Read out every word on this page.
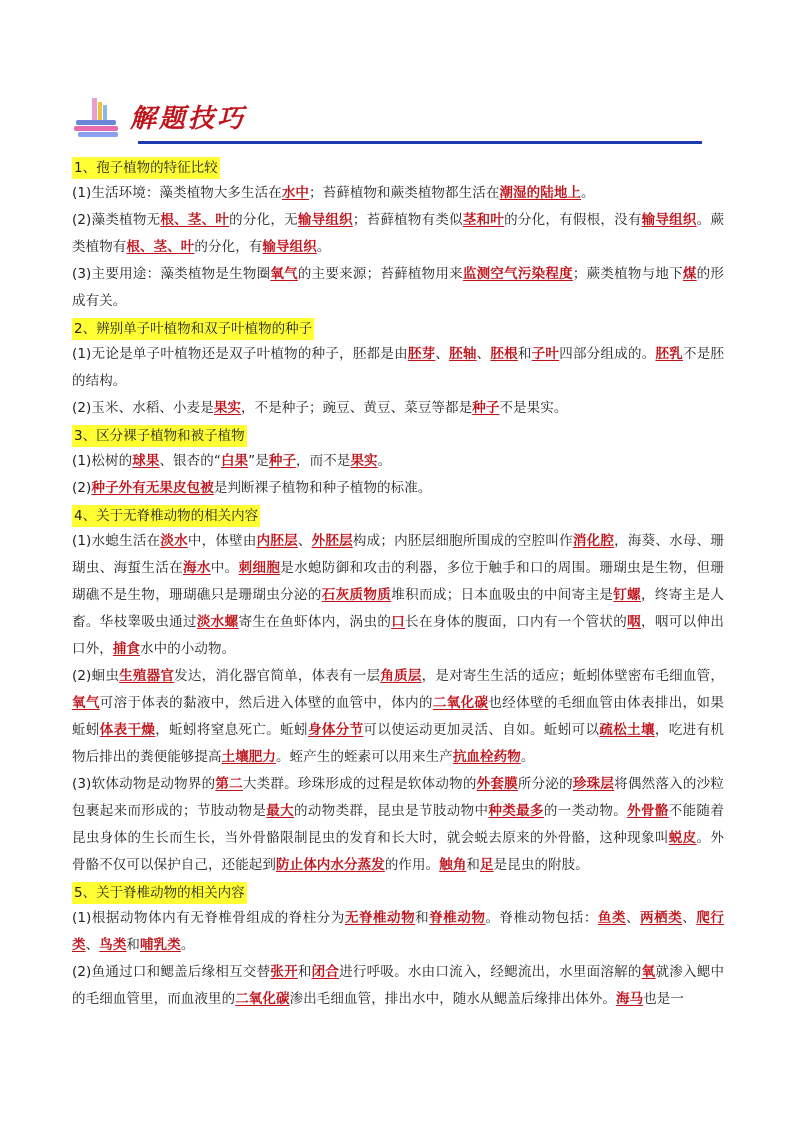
解题技巧
1、孢子植物的特征比较

(1)生活环境：藻类植物大多生活在水中；苔藓植物和蕨类植物都生活在潮湿的陆地上。

(2)藻类植物无根、茎、叶的分化，无输导组织；苔藓植物有类似茎和叶的分化，有假根，没有输导组织。蕨类植物有根、茎、叶的分化，有输导组织。

(3)主要用途：藻类植物是生物圈氧气的主要来源；苔藓植物用来监测空气污染程度；蕨类植物与地下煤的形成有关。

2、辨别单子叶植物和双子叶植物的种子

(1)无论是单子叶植物还是双子叶植物的种子，胚都是由胚芽、胚轴、胚根和子叶四部分组成的。胚乳不是胚的结构。

(2)玉米、水稻、小麦是果实，不是种子；豌豆、黄豆、菜豆等都是种子不是果实。

3、区分裸子植物和被子植物

(1)松树的球果、银杏的“白果”是种子，而不是果实。

(2)种子外有无果皮包被是判断裸子植物和种子植物的标准。

4、关于无脊椎动物的相关内容

(1)水螅生活在淡水中，体壁由内胚层、外胚层构成；内胚层细胞所围成的空腔叫作消化腔，海葵、水母、珊瑚虫、海蜇生活在海水中。刺细胞是水螅防御和攻击的利器，多位于触手和口的周围。珊瑚虫是生物，但珊瑚礁不是生物，珊瑚礁只是珊瑚虫分泌的石灰质物质堆积而成；日本血吸虫的中间寄主是钉螺，终寄主是人畜。华枝睾吸虫通过淡水螺寄生在鱼虾体内，涡虫的口长在身体的腹面，口内有一个管状的咽，咽可以伸出口外，捕食水中的小动物。

(2)蛔虫生殖器官发达，消化器官简单，体表有一层角质层，是对寄生生活的适应；蚯蚓体壁密布毛细血管，氧气可溶于体表的黏液中，然后进入体壁的血管中，体内的二氧化碳也经体壁的毛细血管由体表排出，如果蚯蚓体表干燥，蚯蚓将窒息死亡。蚯蚓身体分节可以使运动更加灵活、自如。蚯蚓可以疏松土壤，吃进有机物后排出的粪便能够提高土壤肥力。蛭产生的蛭素可以用来生产抗血栓药物。

(3)软体动物是动物界的第二大类群。珍珠形成的过程是软体动物的外套膜所分泌的珍珠层将偶然落入的沙粒包裹起来而形成的；节肢动物是最大的动物类群，昆虫是节肢动物中种类最多的一类动物。外骨骼不能随着昆虫身体的生长而生长，当外骨骼限制昆虫的发育和长大时，就会蜕去原来的外骨骼，这种现象叫蜕皮。外骨骼不仅可以保护自己，还能起到防止体内水分蒸发的作用。触角和足是昆虫的附肢。

5、关于脊椎动物的相关内容

(1)根据动物体内有无脊椎骨组成的脊柱分为无脊椎动物和脊椎动物。脊椎动物包括：鱼类、两栖类、爬行类、鸟类和哺乳类。

(2)鱼通过口和鳃盖后缘相互交替张开和闭合进行呼吸。水由口流入，经鳃流出，水里面溶解的氧就渗入鳃中的毛细血管里，而血液里的二氧化碳渗出毛细血管，排出水中，随水从鳃盖后缘排出体外。海马也是一
